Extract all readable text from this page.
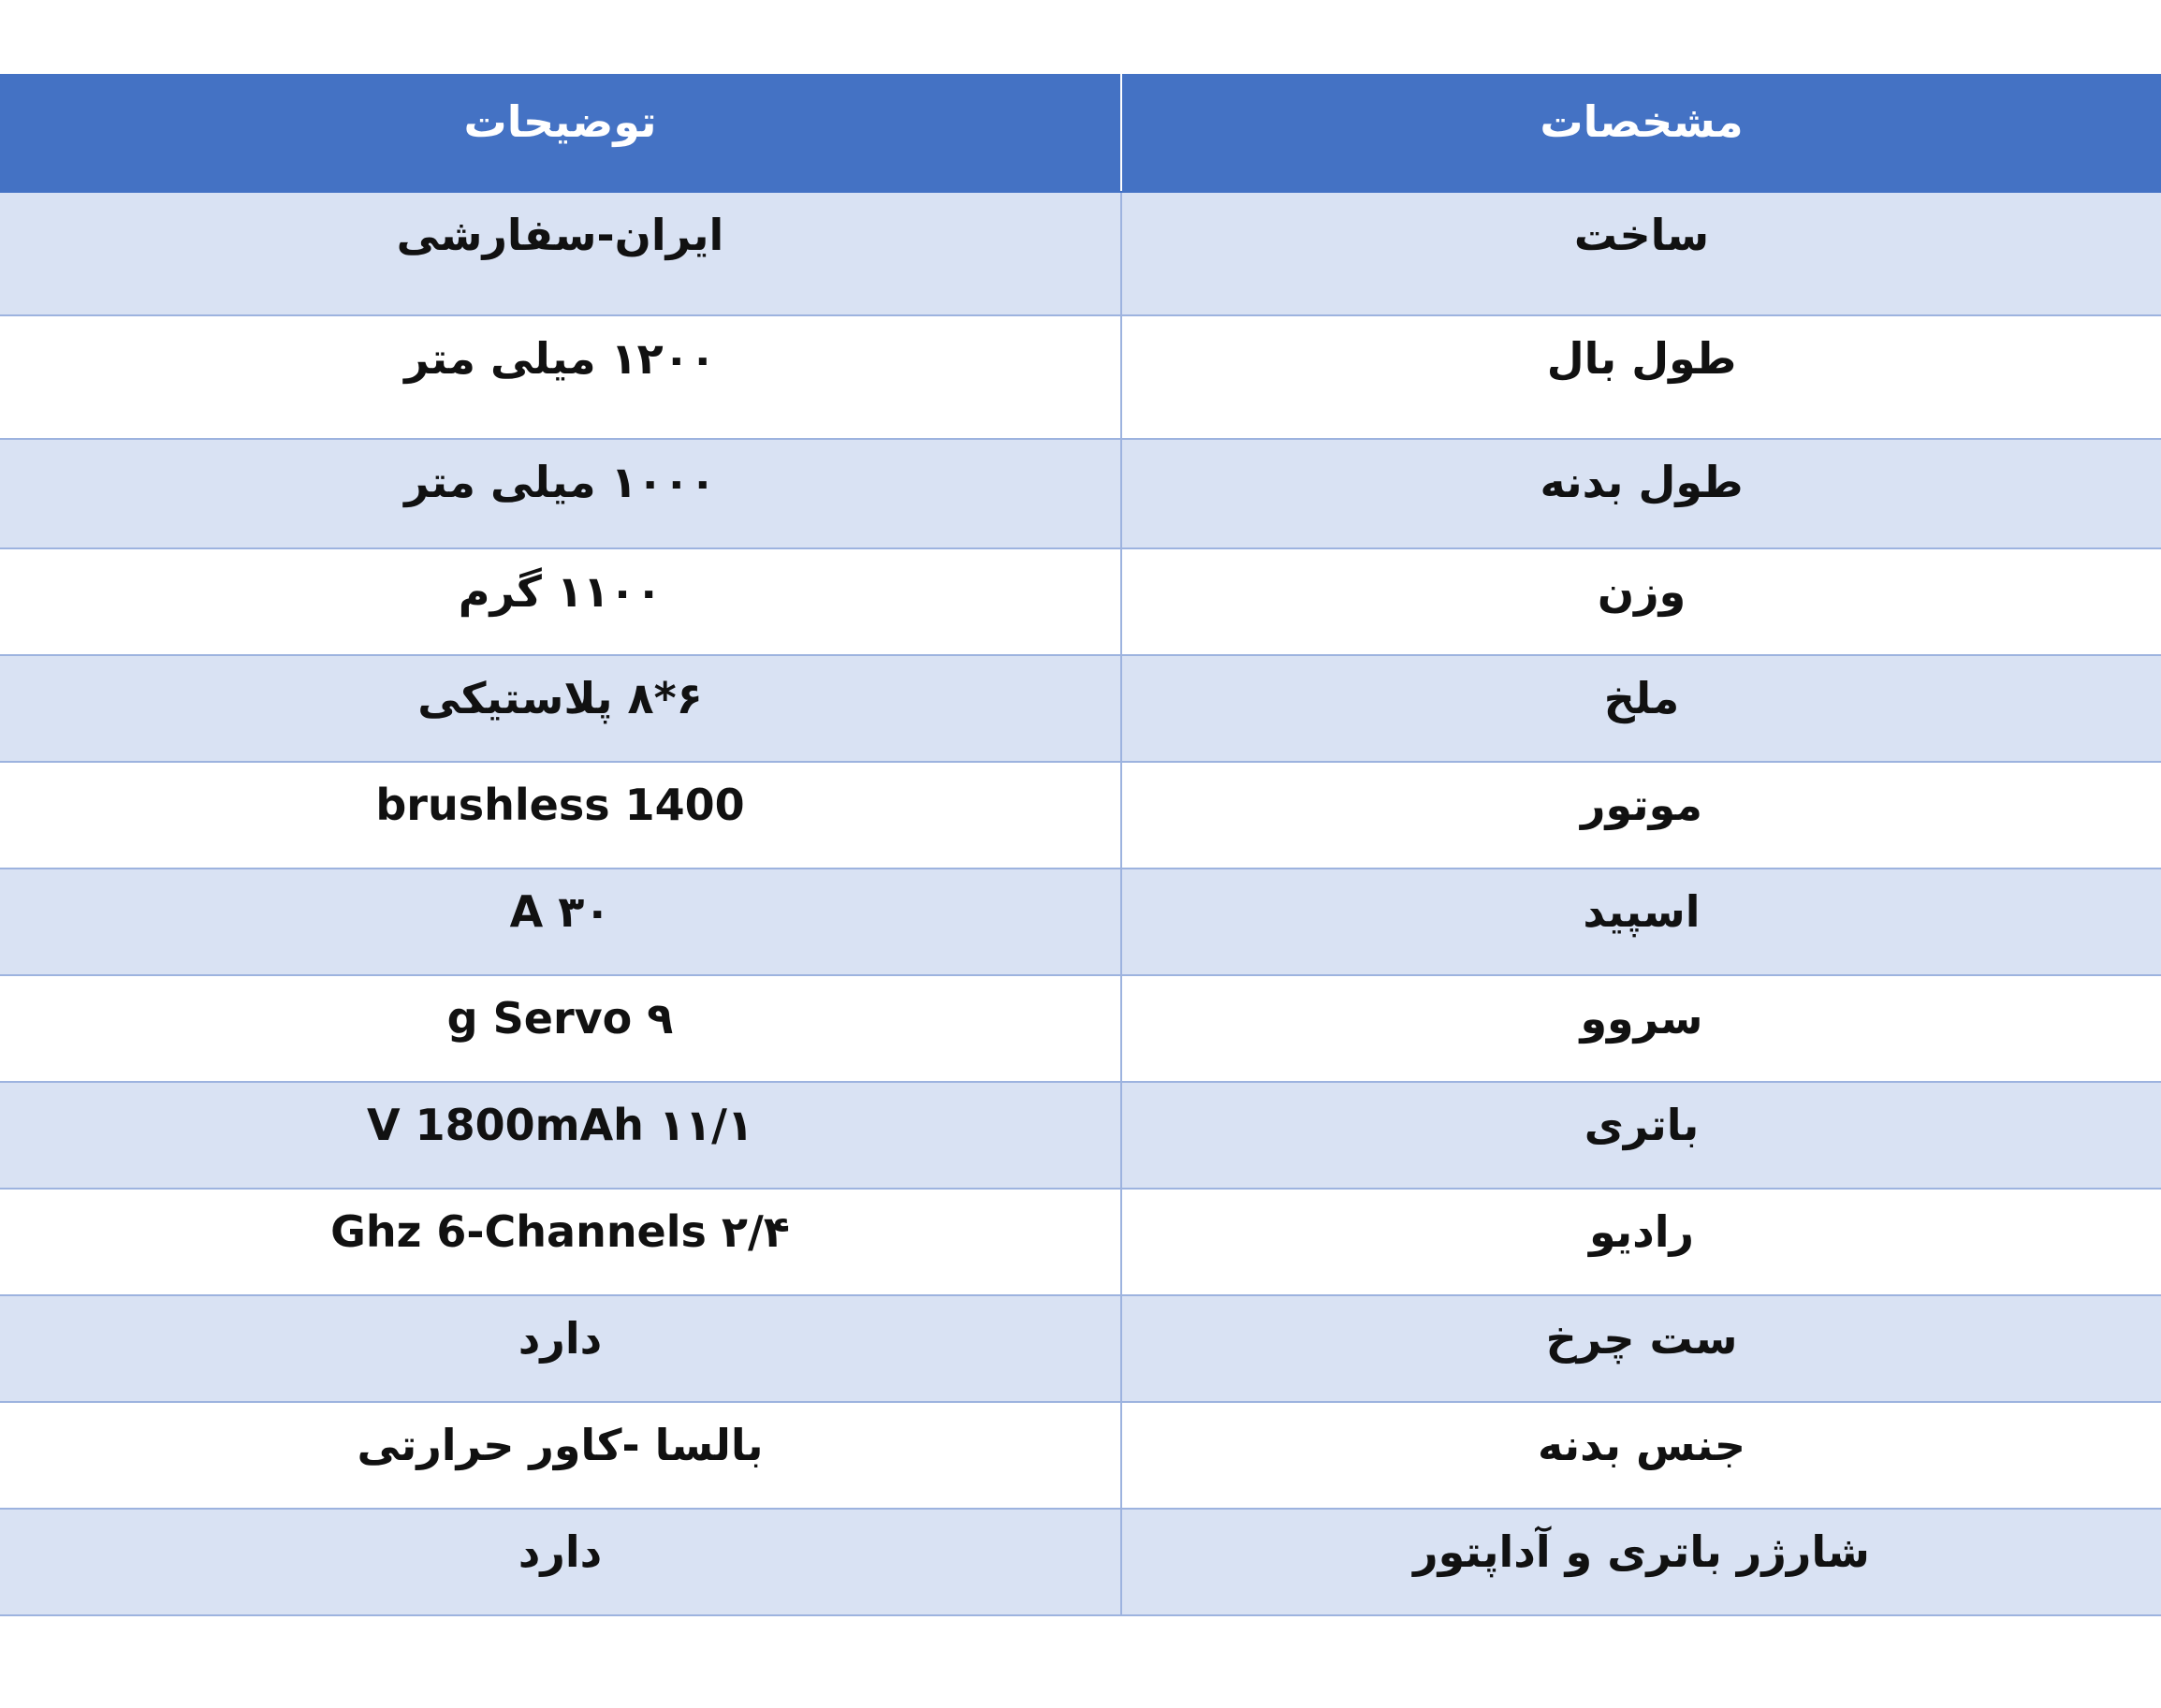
توضیحات	مشخصات
ایران-سفارشی	ساخت
۱۲۰۰ میلی متر	طول بال
۱۰۰۰ میلی متر	طول بدنه
۱۱۰۰ گرم	وزن
۶*۸ پلاستیکی	ملخ
brushless 1400	موتور
۳۰ A	اسپید
۹ g Servo	سروو
۱۱/۱ V 1800mAh	باتری
۲/۴ Ghz 6-Channels	رادیو
دارد	ست چرخ
بالسا -کاور حرارتی	جنس بدنه
دارد	شارژر باتری و آداپتور
